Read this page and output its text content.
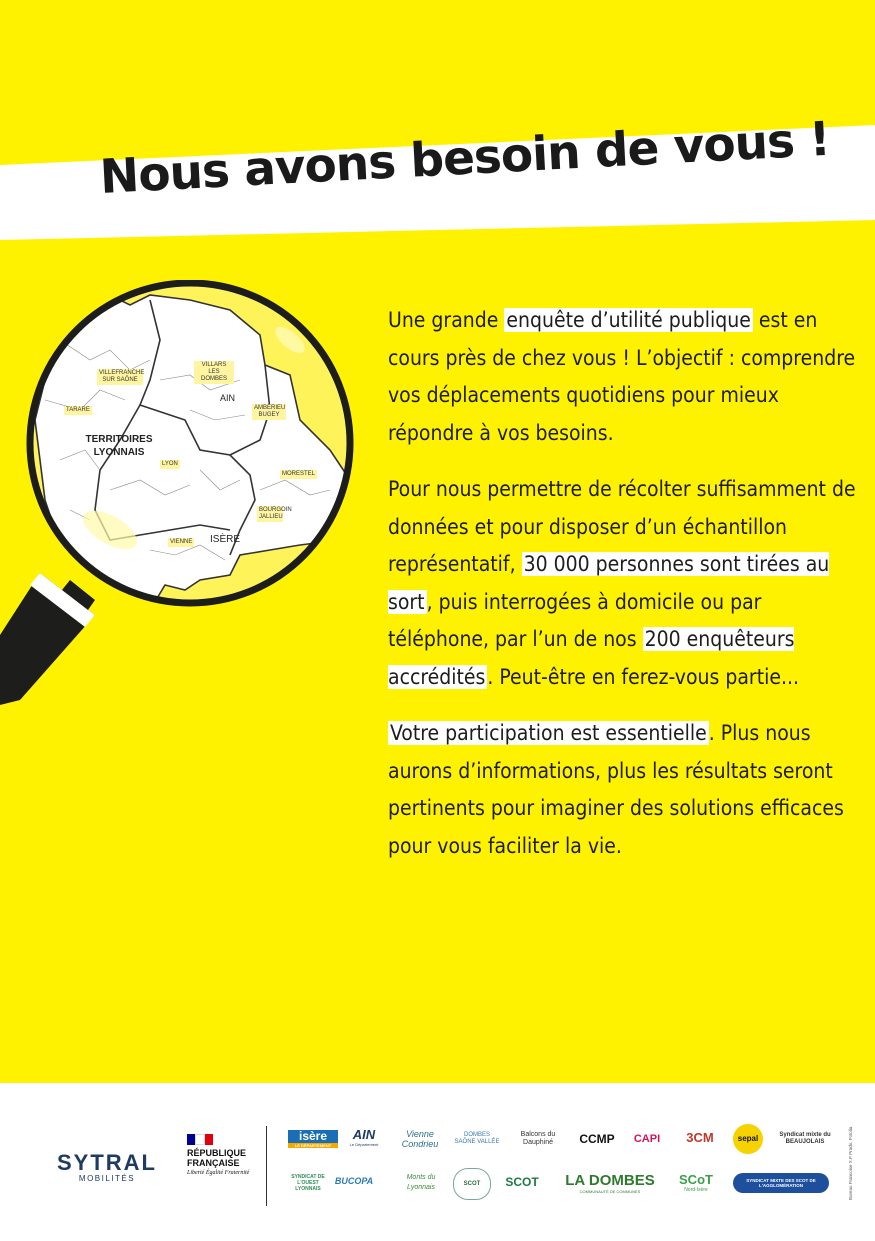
Nous avons besoin de vous !
VILLEFRANCHE SUR SAÔNE
VILLARS LES DOMBES
TARARE
AIN
AMBÉRIEU BUGEY
TERRITOIRES LYONNAIS
LYON
MORESTEL
BOURGOIN JALLIEU
VIENNE ISÈRE

Une grande enquête d’utilité publique est en cours près de chez vous ! L’objectif : comprendre vos déplacements quotidiens pour mieux répondre à vos besoins.

Pour nous permettre de récolter suffisamment de données et pour disposer d’un échantillon représentatif, 30 000 personnes sont tirées au sort, puis interrogées à domicile ou par téléphone, par l’un de nos 200 enquêteurs accrédités. Peut-être en ferez-vous partie...

Votre participation est essentielle. Plus nous aurons d’informations, plus les résultats seront pertinents pour imaginer des solutions efficaces pour vous faciliter la vie.

SYTRAL
MOBILITÉS
RÉPUBLIQUE FRANÇAISE
Liberté Égalité Fraternité
isère
LE DÉPARTEMENT
AIN
Le Département
Vienne Condrieu
DOMBES SAÔNE VALLÉE
Balcons du Dauphiné	CCMP	CAPI	3CM	sepal	Syndicat mixte du BEAUJOLAIS
SYNDICAT DE L'OUEST LYONNAIS
BUCOPA	Monts du Lyonnais	SCOT	SCOT	LA DOMBES
COMMUNAUTÉ DE COMMUNES
SCoT
Nord-Isère
SYNDICAT MIXTE DES SCOT DE L'AGGLOMÉRATION	Bureau Francoise X.P Prado, Fotolia
